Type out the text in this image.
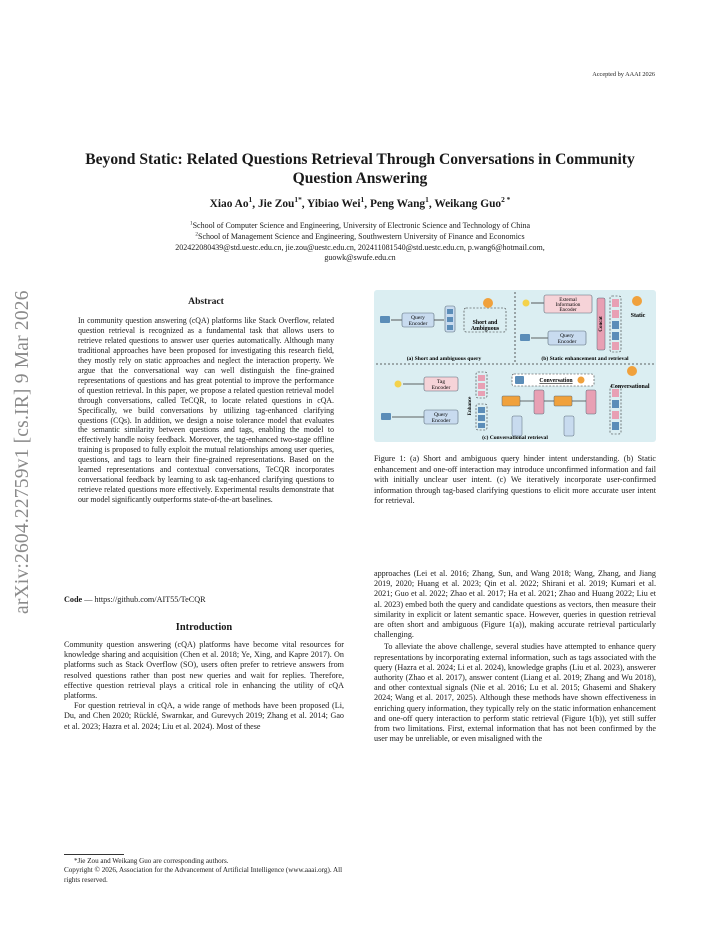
Accepted by AAAI 2026
arXiv:2604.22759v1 [cs.IR] 9 Mar 2026
Beyond Static: Related Questions Retrieval Through Conversations in Community Question Answering
Xiao Ao$^1$, Jie Zou$^{1*}$, Yibiao Wei$^1$, Peng Wang$^1$, Weikang Guo$^{2 *}$
$^1$School of Computer Science and Engineering, University of Electronic Science and Technology of China
$^2$School of Management Science and Engineering, Southwestern University of Finance and Economics
202422080439@std.uestc.edu.cn, jie.zou@uestc.edu.cn, 202411081540@std.uestc.edu.cn, p.wang6@hotmail.com,
guowk@swufe.edu.cn
Abstract
In community question answering (cQA) platforms like Stack Overflow, related question retrieval is recognized as a fundamental task that allows users to retrieve related questions to answer user queries automatically. Although many traditional approaches have been proposed for investigating this research field, they mostly rely on static approaches and neglect the interaction property. We argue that the conversational way can well distinguish the fine-grained representations of questions and has great potential to improve the performance of question retrieval. In this paper, we propose a related question retrieval model through conversations, called TeCQR, to locate related questions in cQA. Specifically, we build conversations by utilizing tag-enhanced clarifying questions (CQs). In addition, we design a noise tolerance model that evaluates the semantic similarity between questions and tags, enabling the model to effectively handle noisy feedback. Moreover, the tag-enhanced two-stage offline training is proposed to fully exploit the mutual relationships among user queries, questions, and tags to learn their fine-grained representations. Based on the learned representations and contextual conversations, TeCQR incorporates conversational feedback by learning to ask tag-enhanced clarifying questions to retrieve related questions more effectively. Experimental results demonstrate that our model significantly outperforms state-of-the-art baselines.
Code — https://github.com/AIT55/TeCQR
Introduction

Community question answering (cQA) platforms have become vital resources for knowledge sharing and acquisition (Chen et al. 2018; Ye, Xing, and Kapre 2017). On platforms such as Stack Overflow (SO), users often prefer to retrieve answers from resolved questions rather than post new queries and wait for replies. Therefore, effective question retrieval plays a critical role in enhancing the utility of cQA platforms.

For question retrieval in cQA, a wide range of methods have been proposed (Li, Du, and Chen 2020; Rücklé, Swarnkar, and Gurevych 2019; Zhang et al. 2014; Gao et al. 2023; Hazra et al. 2024; Liu et al. 2024). Most of these

*Jie Zou and Weikang Guo are corresponding authors.

Copyright © 2026, Association for the Advancement of Artificial Intelligence (www.aaai.org). All rights reserved.

Query
Encoder	Short and
Ambiguous
(a) Short and ambiguous query
External
Information
Encoder
Query
Encoder
Concat
Static
(b) Static enhancement and retrieval
Tag
Encoder
Query
Encoder
Enhance
Conversation
Conversational
(c) Conversational retrieval
Figure 1: (a) Short and ambiguous query hinder intent understanding. (b) Static enhancement and one-off interaction may introduce unconfirmed information and fail with initially unclear user intent. (c) We iteratively incorporate user-confirmed information through tag-based clarifying questions to elicit more accurate user intent for retrieval.

approaches (Lei et al. 2016; Zhang, Sun, and Wang 2018; Wang, Zhang, and Jiang 2019, 2020; Huang et al. 2023; Qin et al. 2022; Shirani et al. 2019; Kumari et al. 2021; Guo et al. 2022; Zhao et al. 2017; Ha et al. 2021; Zhao and Huang 2022; Liu et al. 2023) embed both the query and candidate questions as vectors, then measure their similarity in explicit or latent semantic space. However, queries in question retrieval are often short and ambiguous (Figure 1(a)), making accurate retrieval particularly challenging.

To alleviate the above challenge, several studies have attempted to enhance query representations by incorporating external information, such as tags associated with the query (Hazra et al. 2024; Li et al. 2024), knowledge graphs (Liu et al. 2023), answerer authority (Zhao et al. 2017), answer content (Liang et al. 2019; Zhang and Wu 2018), and other contextual signals (Nie et al. 2016; Lu et al. 2015; Ghasemi and Shakery 2024; Wang et al. 2017, 2025). Although these methods have shown effectiveness in enriching query information, they typically rely on the static information enhancement and one-off query interaction to perform static retrieval (Figure 1(b)), yet still suffer from two limitations. First, external information that has not been confirmed by the user may be unreliable, or even misaligned with the
